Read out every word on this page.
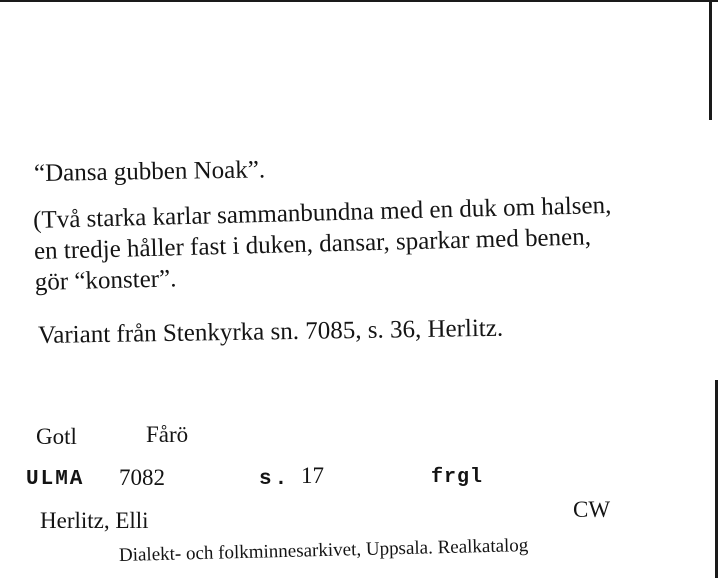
“Dansa gubben Noak”.
(Två starka karlar sammanbundna med en duk om halsen,
en tredje håller fast i duken, dansar, sparkar med benen,
gör “konster”.
Variant från Stenkyrka sn. 7085, s. 36, Herlitz.
Gotl	Fårö
ULMA 7082	s. 17	frgl
Herlitz, Elli	CW
Dialekt- och folkminnesarkivet, Uppsala. Realkatalog
